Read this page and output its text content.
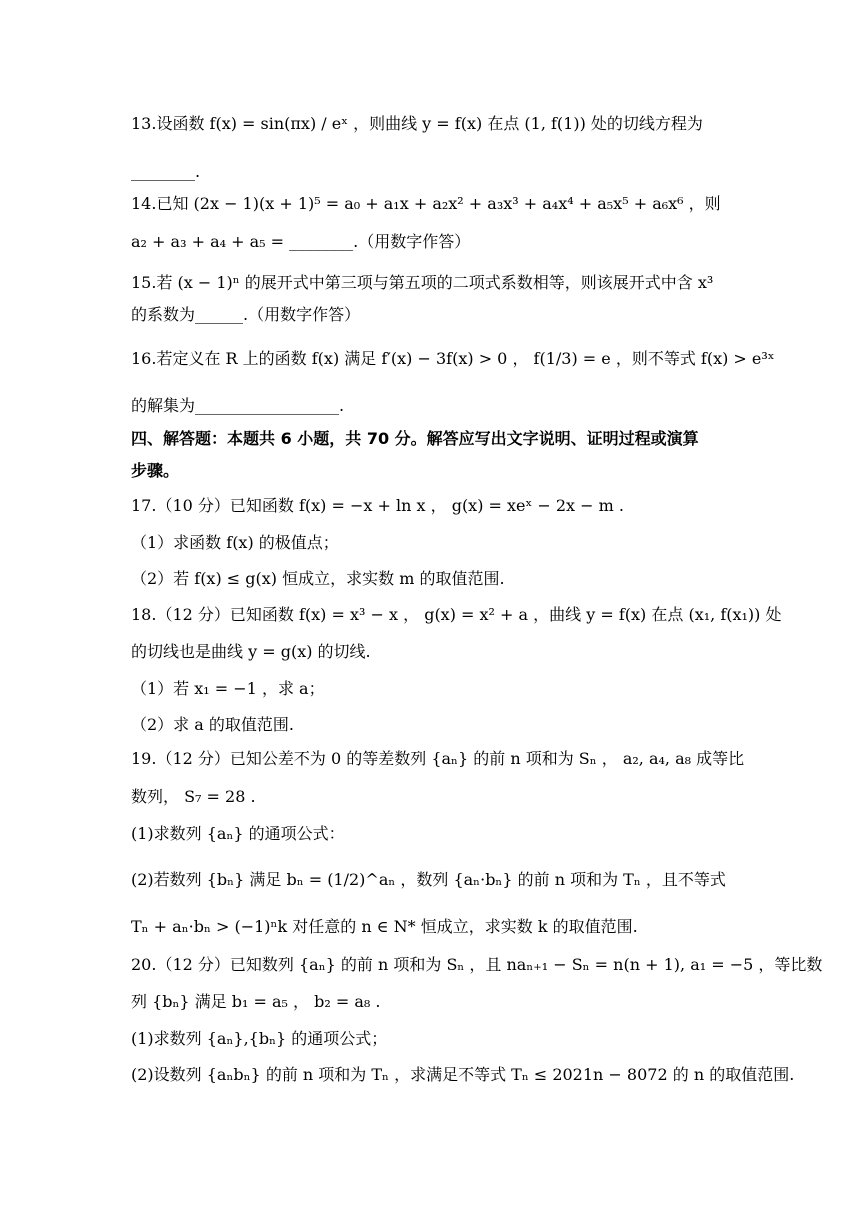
13.设函数 f(x) = sin(πx) / eˣ ，则曲线 y = f(x) 在点 (1, f(1)) 处的切线方程为
________.
14.已知 (2x − 1)(x + 1)⁵ = a₀ + a₁x + a₂x² + a₃x³ + a₄x⁴ + a₅x⁵ + a₆x⁶ ，则
a₂ + a₃ + a₄ + a₅ = ________.（用数字作答）
15.若 (x − 1)ⁿ 的展开式中第三项与第五项的二项式系数相等，则该展开式中含 x³
的系数为______.（用数字作答）
16.若定义在 R 上的函数 f(x) 满足 f′(x) − 3f(x) > 0 ， f(1/3) = e ，则不等式 f(x) > e³ˣ
的解集为__________________.
四、解答题：本题共 6 小题，共 70 分。解答应写出文字说明、证明过程或演算
步骤。
17.（10 分）已知函数 f(x) = −x + ln x ， g(x) = xeˣ − 2x − m .
（1）求函数 f(x) 的极值点；
（2）若 f(x) ≤ g(x) 恒成立，求实数 m 的取值范围.
18.（12 分）已知函数 f(x) = x³ − x ， g(x) = x² + a ，曲线 y = f(x) 在点 (x₁, f(x₁)) 处
的切线也是曲线 y = g(x) 的切线.
（1）若 x₁ = −1 ，求 a；
（2）求 a 的取值范围.
19.（12 分）已知公差不为 0 的等差数列 {aₙ} 的前 n 项和为 Sₙ ， a₂, a₄, a₈ 成等比
数列， S₇ = 28 .
(1)求数列 {aₙ} 的通项公式：
(2)若数列 {bₙ} 满足 bₙ = (1/2)^aₙ ，数列 {aₙ·bₙ} 的前 n 项和为 Tₙ ，且不等式
Tₙ + aₙ·bₙ > (−1)ⁿk 对任意的 n ∈ N* 恒成立，求实数 k 的取值范围.
20.（12 分）已知数列 {aₙ} 的前 n 项和为 Sₙ ，且 naₙ₊₁ − Sₙ = n(n + 1), a₁ = −5 ，等比数
列 {bₙ} 满足 b₁ = a₅ ， b₂ = a₈ .
(1)求数列 {aₙ},{bₙ} 的通项公式；
(2)设数列 {aₙbₙ} 的前 n 项和为 Tₙ ，求满足不等式 Tₙ ≤ 2021n − 8072 的 n 的取值范围.
